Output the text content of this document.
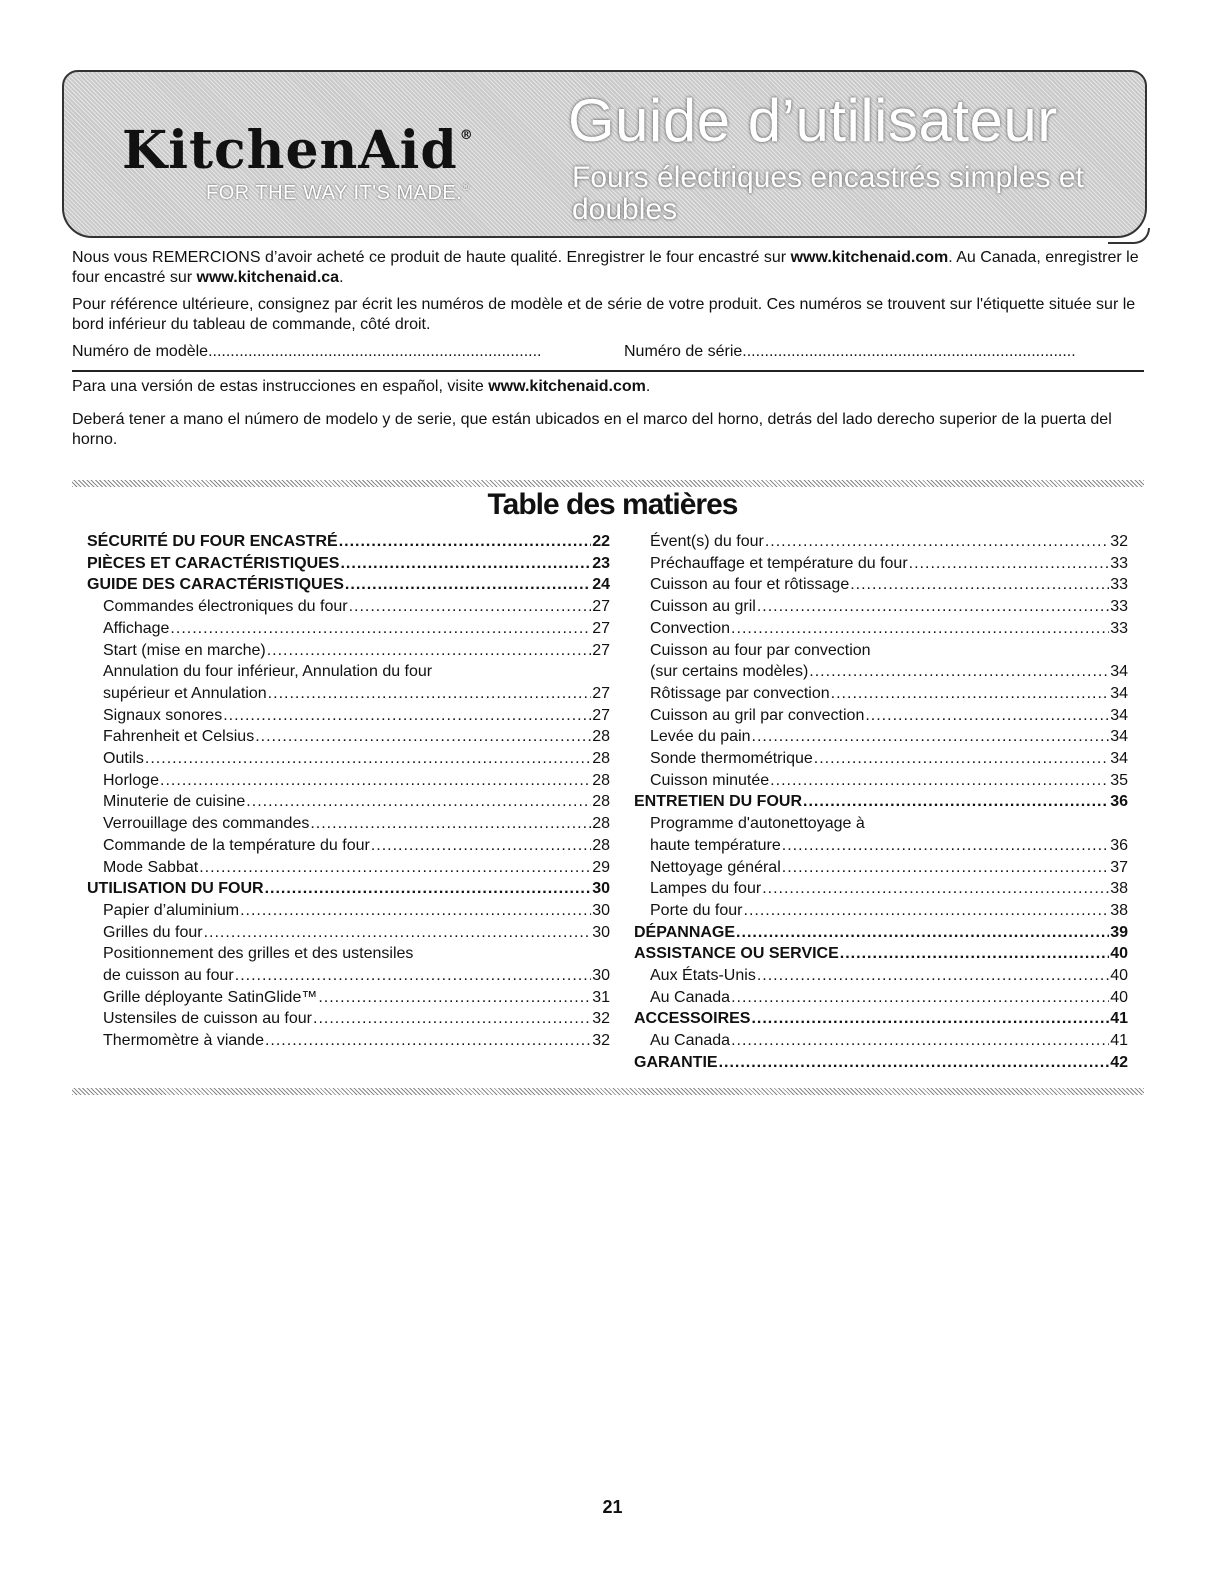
KitchenAid ®
FOR THE WAY IT'S MADE.®
Guide d’utilisateur
Fours électriques encastrés simples et doubles
Nous vous REMERCIONS d’avoir acheté ce produit de haute qualité. Enregistrer le four encastré sur www.kitchenaid.com. Au Canada, enregistrer le four encastré sur www.kitchenaid.ca.
Pour référence ultérieure, consignez par écrit les numéros de modèle et de série de votre produit. Ces numéros se trouvent sur l'étiquette située sur le bord inférieur du tableau de commande, côté droit.
Numéro de modèle...........................................................................	Numéro de série...........................................................................
Para una versión de estas instrucciones en español, visite www.kitchenaid.com.
Deberá tener a mano el número de modelo y de serie, que están ubicados en el marco del horno, detrás del lado derecho superior de la puerta del horno.
Table des matières
SÉCURITÉ DU FOUR ENCASTRÉ .....	22
PIÈCES ET CARACTÉRISTIQUES .....	23
GUIDE DES CARACTÉRISTIQUES .....	24
Commandes électroniques du four .....	27
Affichage .....	27
Start (mise en marche) .....	27
Annulation du four inférieur, Annulation du four
supérieur et Annulation .....	27
Signaux sonores .....	27
Fahrenheit et Celsius .....	28
Outils .....	28
Horloge .....	28
Minuterie de cuisine .....	28
Verrouillage des commandes .....	28
Commande de la température du four .....	28
Mode Sabbat .....	29
UTILISATION DU FOUR .....	30
Papier d’aluminium .....	30
Grilles du four .....	30
Positionnement des grilles et des ustensiles
de cuisson au four .....	30
Grille déployante SatinGlide™ .....	31
Ustensiles de cuisson au four .....	32
Thermomètre à viande .....	32
Évent(s) du four .....	32
Préchauffage et température du four .....	33
Cuisson au four et rôtissage .....	33
Cuisson au gril .....	33
Convection .....	33
Cuisson au four par convection
(sur certains modèles) .....	34
Rôtissage par convection .....	34
Cuisson au gril par convection .....	34
Levée du pain .....	34
Sonde thermométrique .....	34
Cuisson minutée .....	35
ENTRETIEN DU FOUR .....	36
Programme d'autonettoyage à
haute température .....	36
Nettoyage général .....	37
Lampes du four .....	38
Porte du four .....	38
DÉPANNAGE .....	39
ASSISTANCE OU SERVICE .....	40
Aux États-Unis .....	40
Au Canada .....	40
ACCESSOIRES .....	41
Au Canada .....	41
GARANTIE .....	42
21
